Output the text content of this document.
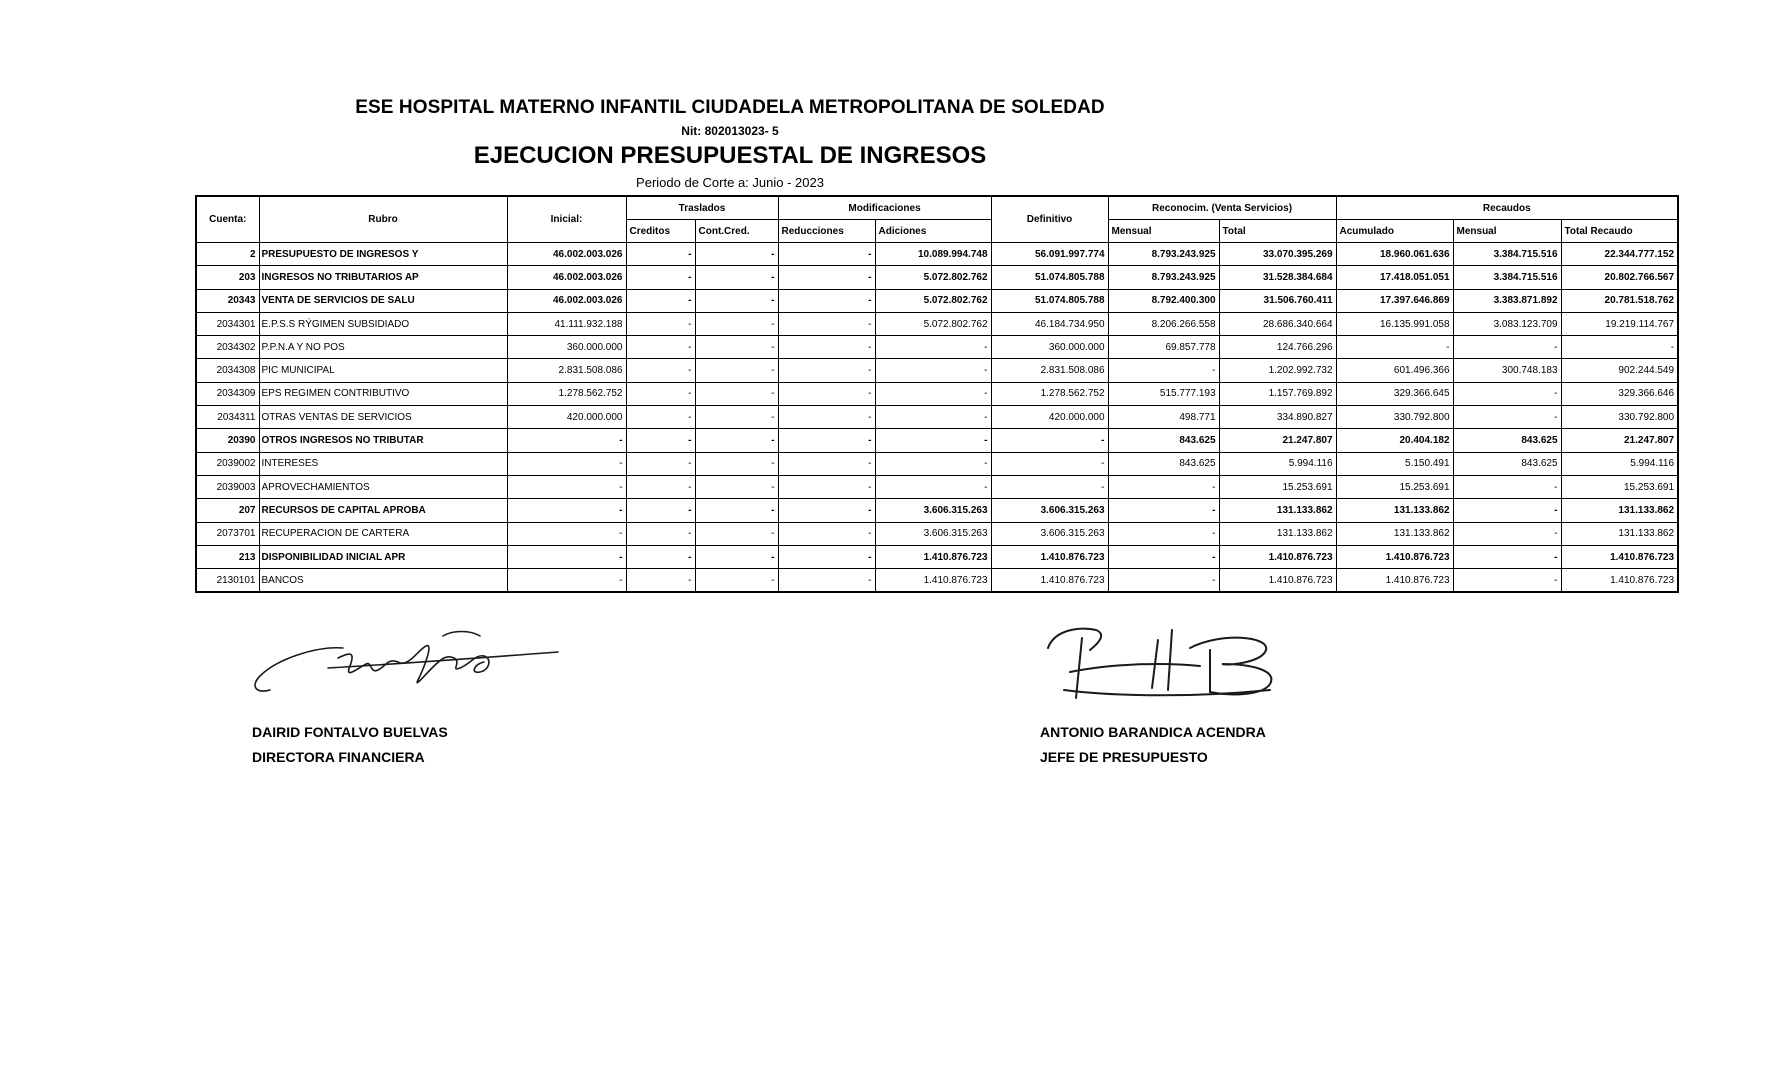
ESE HOSPITAL MATERNO INFANTIL CIUDADELA METROPOLITANA DE SOLEDAD
Nit: 802013023- 5
EJECUCION PRESUPUESTAL DE INGRESOS
Periodo de Corte a: Junio - 2023
Cuenta:	Rubro	Inicial:	Traslados		Modificaciones		Definitivo	Reconocim. (Venta Servicios)		Recaudos		
			Creditos	Cont.Cred.	Reducciones	Adiciones		Mensual	Total	Acumulado	Mensual	Total Recaudo
2	PRESUPUESTO DE INGRESOS Y	46.002.003.026	-	-	-	10.089.994.748	56.091.997.774	8.793.243.925	33.070.395.269	18.960.061.636	3.384.715.516	22.344.777.152
203	INGRESOS NO TRIBUTARIOS AP	46.002.003.026	-	-	-	5.072.802.762	51.074.805.788	8.793.243.925	31.528.384.684	17.418.051.051	3.384.715.516	20.802.766.567
20343	VENTA DE SERVICIOS DE SALU	46.002.003.026	-	-	-	5.072.802.762	51.074.805.788	8.792.400.300	31.506.760.411	17.397.646.869	3.383.871.892	20.781.518.762
2034301	E.P.S.S RÝGIMEN SUBSIDIADO	41.111.932.188	-	-	-	5.072.802.762	46.184.734.950	8.206.266.558	28.686.340.664	16.135.991.058	3.083.123.709	19.219.114.767
2034302	P.P.N.A Y NO POS	360.000.000	-	-	-	-	360.000.000	69.857.778	124.766.296	-	-	-
2034308	PIC MUNICIPAL	2.831.508.086	-	-	-	-	2.831.508.086	-	1.202.992.732	601.496.366	300.748.183	902.244.549
2034309	EPS REGIMEN CONTRIBUTIVO	1.278.562.752	-	-	-	-	1.278.562.752	515.777.193	1.157.769.892	329.366.645	-	329.366.646
2034311	OTRAS VENTAS DE SERVICIOS	420.000.000	-	-	-	-	420.000.000	498.771	334.890.827	330.792.800	-	330.792.800
20390	OTROS INGRESOS NO TRIBUTAR	-	-	-	-	-	-	843.625	21.247.807	20.404.182	843.625	21.247.807
2039002	INTERESES	-	-	-	-	-	-	843.625	5.994.116	5.150.491	843.625	5.994.116
2039003	APROVECHAMIENTOS	-	-	-	-	-	-	-	15.253.691	15.253.691	-	15.253.691
207	RECURSOS DE CAPITAL APROBA	-	-	-	-	3.606.315.263	3.606.315.263	-	131.133.862	131.133.862	-	131.133.862
2073701	RECUPERACION DE CARTERA	-	-	-	-	3.606.315.263	3.606.315.263	-	131.133.862	131.133.862	-	131.133.862
213	DISPONIBILIDAD INICIAL APR	-	-	-	-	1.410.876.723	1.410.876.723	-	1.410.876.723	1.410.876.723	-	1.410.876.723
2130101	BANCOS	-	-	-	-	1.410.876.723	1.410.876.723	-	1.410.876.723	1.410.876.723	-	1.410.876.723
DAIRID FONTALVO BUELVAS
DIRECTORA FINANCIERA
ANTONIO BARANDICA ACENDRA
JEFE DE PRESUPUESTO
